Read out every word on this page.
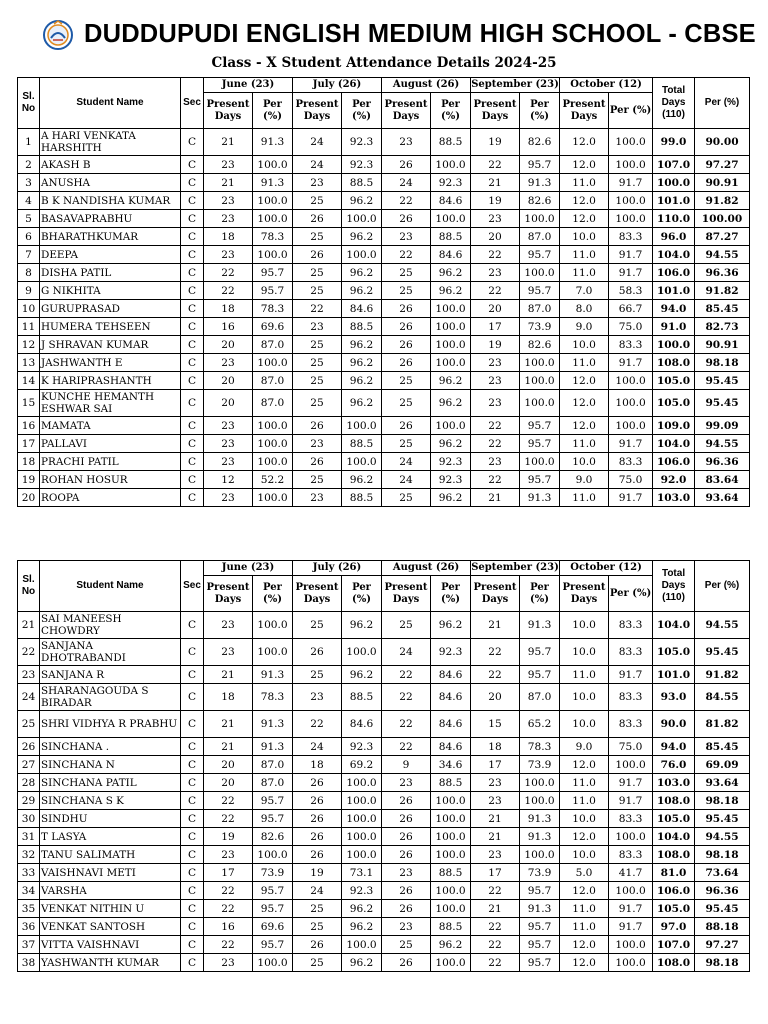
DUDDUPUDI ENGLISH MEDIUM HIGH SCHOOL - CBSE
Class - X Student Attendance Details 2024-25
Sl. No	Student Name	Sec	June (23)		July (26)		August (26)		September (23)		October (12)		Total Days (110)	Per (%)
			Present Days	Per (%)	Present Days	Per (%)	Present Days	Per (%)	Present Days	Per (%)	Present Days	Per (%)		
1	A HARI VENKATA HARSHITH	C	21	91.3	24	92.3	23	88.5	19	82.6	12.0	100.0	99.0	90.00
2	AKASH B	C	23	100.0	24	92.3	26	100.0	22	95.7	12.0	100.0	107.0	97.27
3	ANUSHA	C	21	91.3	23	88.5	24	92.3	21	91.3	11.0	91.7	100.0	90.91
4	B K NANDISHA KUMAR	C	23	100.0	25	96.2	22	84.6	19	82.6	12.0	100.0	101.0	91.82
5	BASAVAPRABHU	C	23	100.0	26	100.0	26	100.0	23	100.0	12.0	100.0	110.0	100.00
6	BHARATHKUMAR	C	18	78.3	25	96.2	23	88.5	20	87.0	10.0	83.3	96.0	87.27
7	DEEPA	C	23	100.0	26	100.0	22	84.6	22	95.7	11.0	91.7	104.0	94.55
8	DISHA PATIL	C	22	95.7	25	96.2	25	96.2	23	100.0	11.0	91.7	106.0	96.36
9	G NIKHITA	C	22	95.7	25	96.2	25	96.2	22	95.7	7.0	58.3	101.0	91.82
10	GURUPRASAD	C	18	78.3	22	84.6	26	100.0	20	87.0	8.0	66.7	94.0	85.45
11	HUMERA TEHSEEN	C	16	69.6	23	88.5	26	100.0	17	73.9	9.0	75.0	91.0	82.73
12	J SHRAVAN KUMAR	C	20	87.0	25	96.2	26	100.0	19	82.6	10.0	83.3	100.0	90.91
13	JASHWANTH E	C	23	100.0	25	96.2	26	100.0	23	100.0	11.0	91.7	108.0	98.18
14	K HARIPRASHANTH	C	20	87.0	25	96.2	25	96.2	23	100.0	12.0	100.0	105.0	95.45
15	KUNCHE HEMANTH ESHWAR SAI	C	20	87.0	25	96.2	25	96.2	23	100.0	12.0	100.0	105.0	95.45
16	MAMATA	C	23	100.0	26	100.0	26	100.0	22	95.7	12.0	100.0	109.0	99.09
17	PALLAVI	C	23	100.0	23	88.5	25	96.2	22	95.7	11.0	91.7	104.0	94.55
18	PRACHI PATIL	C	23	100.0	26	100.0	24	92.3	23	100.0	10.0	83.3	106.0	96.36
19	ROHAN HOSUR	C	12	52.2	25	96.2	24	92.3	22	95.7	9.0	75.0	92.0	83.64
20	ROOPA	C	23	100.0	23	88.5	25	96.2	21	91.3	11.0	91.7	103.0	93.64
Sl. No	Student Name	Sec	June (23)		July (26)		August (26)		September (23)		October (12)		Total Days (110)	Per (%)
			Present Days	Per (%)	Present Days	Per (%)	Present Days	Per (%)	Present Days	Per (%)	Present Days	Per (%)		
21	SAI MANEESH CHOWDRY	C	23	100.0	25	96.2	25	96.2	21	91.3	10.0	83.3	104.0	94.55
22	SANJANA DHOTRABANDI	C	23	100.0	26	100.0	24	92.3	22	95.7	10.0	83.3	105.0	95.45
23	SANJANA R	C	21	91.3	25	96.2	22	84.6	22	95.7	11.0	91.7	101.0	91.82
24	SHARANAGOUDA S BIRADAR	C	18	78.3	23	88.5	22	84.6	20	87.0	10.0	83.3	93.0	84.55
25	SHRI VIDHYA R PRABHU	C	21	91.3	22	84.6	22	84.6	15	65.2	10.0	83.3	90.0	81.82
26	SINCHANA .	C	21	91.3	24	92.3	22	84.6	18	78.3	9.0	75.0	94.0	85.45
27	SINCHANA N	C	20	87.0	18	69.2	9	34.6	17	73.9	12.0	100.0	76.0	69.09
28	SINCHANA PATIL	C	20	87.0	26	100.0	23	88.5	23	100.0	11.0	91.7	103.0	93.64
29	SINCHANA S K	C	22	95.7	26	100.0	26	100.0	23	100.0	11.0	91.7	108.0	98.18
30	SINDHU	C	22	95.7	26	100.0	26	100.0	21	91.3	10.0	83.3	105.0	95.45
31	T LASYA	C	19	82.6	26	100.0	26	100.0	21	91.3	12.0	100.0	104.0	94.55
32	TANU SALIMATH	C	23	100.0	26	100.0	26	100.0	23	100.0	10.0	83.3	108.0	98.18
33	VAISHNAVI METI	C	17	73.9	19	73.1	23	88.5	17	73.9	5.0	41.7	81.0	73.64
34	VARSHA	C	22	95.7	24	92.3	26	100.0	22	95.7	12.0	100.0	106.0	96.36
35	VENKAT NITHIN U	C	22	95.7	25	96.2	26	100.0	21	91.3	11.0	91.7	105.0	95.45
36	VENKAT SANTOSH	C	16	69.6	25	96.2	23	88.5	22	95.7	11.0	91.7	97.0	88.18
37	VITTA VAISHNAVI	C	22	95.7	26	100.0	25	96.2	22	95.7	12.0	100.0	107.0	97.27
38	YASHWANTH KUMAR	C	23	100.0	25	96.2	26	100.0	22	95.7	12.0	100.0	108.0	98.18
